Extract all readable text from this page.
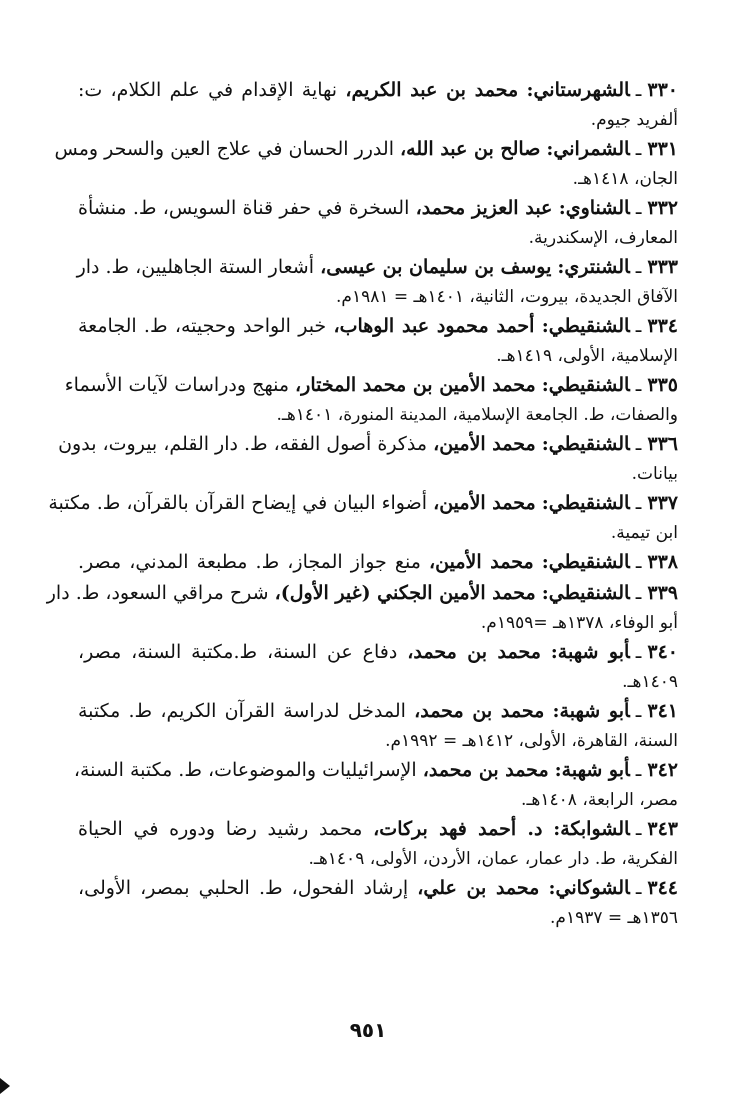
٣٣٠ـالشهرستاني: محمد بن عبد الكريم، نهاية الإقدام في علم الكلام، ت:
ألفريد جيوم.
٣٣١ـالشمراني: صالح بن عبد الله، الدرر الحسان في علاج العين والسحر ومس
الجان، ١٤١٨هـ.
٣٣٢ـالشناوي: عبد العزيز محمد، السخرة في حفر قناة السويس، ط. منشأة
المعارف، الإسكندرية.
٣٣٣ـالشنتري: يوسف بن سليمان بن عيسى، أشعار الستة الجاهليين، ط. دار
الآفاق الجديدة، بيروت، الثانية، ١٤٠١هـ = ١٩٨١م.
٣٣٤ـالشنقيطي: أحمد محمود عبد الوهاب، خبر الواحد وحجيته، ط. الجامعة
الإسلامية، الأولى، ١٤١٩هـ.
٣٣٥ـالشنقيطي: محمد الأمين بن محمد المختار، منهج ودراسات لآيات الأسماء
والصفات، ط. الجامعة الإسلامية، المدينة المنورة، ١٤٠١هـ.
٣٣٦ـالشنقيطي: محمد الأمين، مذكرة أصول الفقه، ط. دار القلم، بيروت، بدون
بيانات.
٣٣٧ـالشنقيطي: محمد الأمين، أضواء البيان في إيضاح القرآن بالقرآن، ط. مكتبة
ابن تيمية.
٣٣٨ـالشنقيطي: محمد الأمين، منع جواز المجاز، ط. مطبعة المدني، مصر.
٣٣٩ـالشنقيطي: محمد الأمين الجكني (غير الأول)، شرح مراقي السعود، ط. دار
أبو الوفاء، ١٣٧٨هـ =١٩٥٩م.
٣٤٠ـأبو شهبة: محمد بن محمد، دفاع عن السنة، ط.مكتبة السنة، مصر،
١٤٠٩هـ.
٣٤١ـأبو شهبة: محمد بن محمد، المدخل لدراسة القرآن الكريم، ط. مكتبة
السنة، القاهرة، الأولى، ١٤١٢هـ = ١٩٩٢م.
٣٤٢ـأبو شهبة: محمد بن محمد، الإسرائيليات والموضوعات، ط. مكتبة السنة،
مصر، الرابعة، ١٤٠٨هـ.
٣٤٣ـالشوابكة: د. أحمد فهد بركات، محمد رشيد رضا ودوره في الحياة
الفكرية، ط. دار عمار، عمان، الأردن، الأولى، ١٤٠٩هـ.
٣٤٤ـالشوكاني: محمد بن علي، إرشاد الفحول، ط. الحلبي بمصر، الأولى،
١٣٥٦هـ = ١٩٣٧م.
٩٥١
